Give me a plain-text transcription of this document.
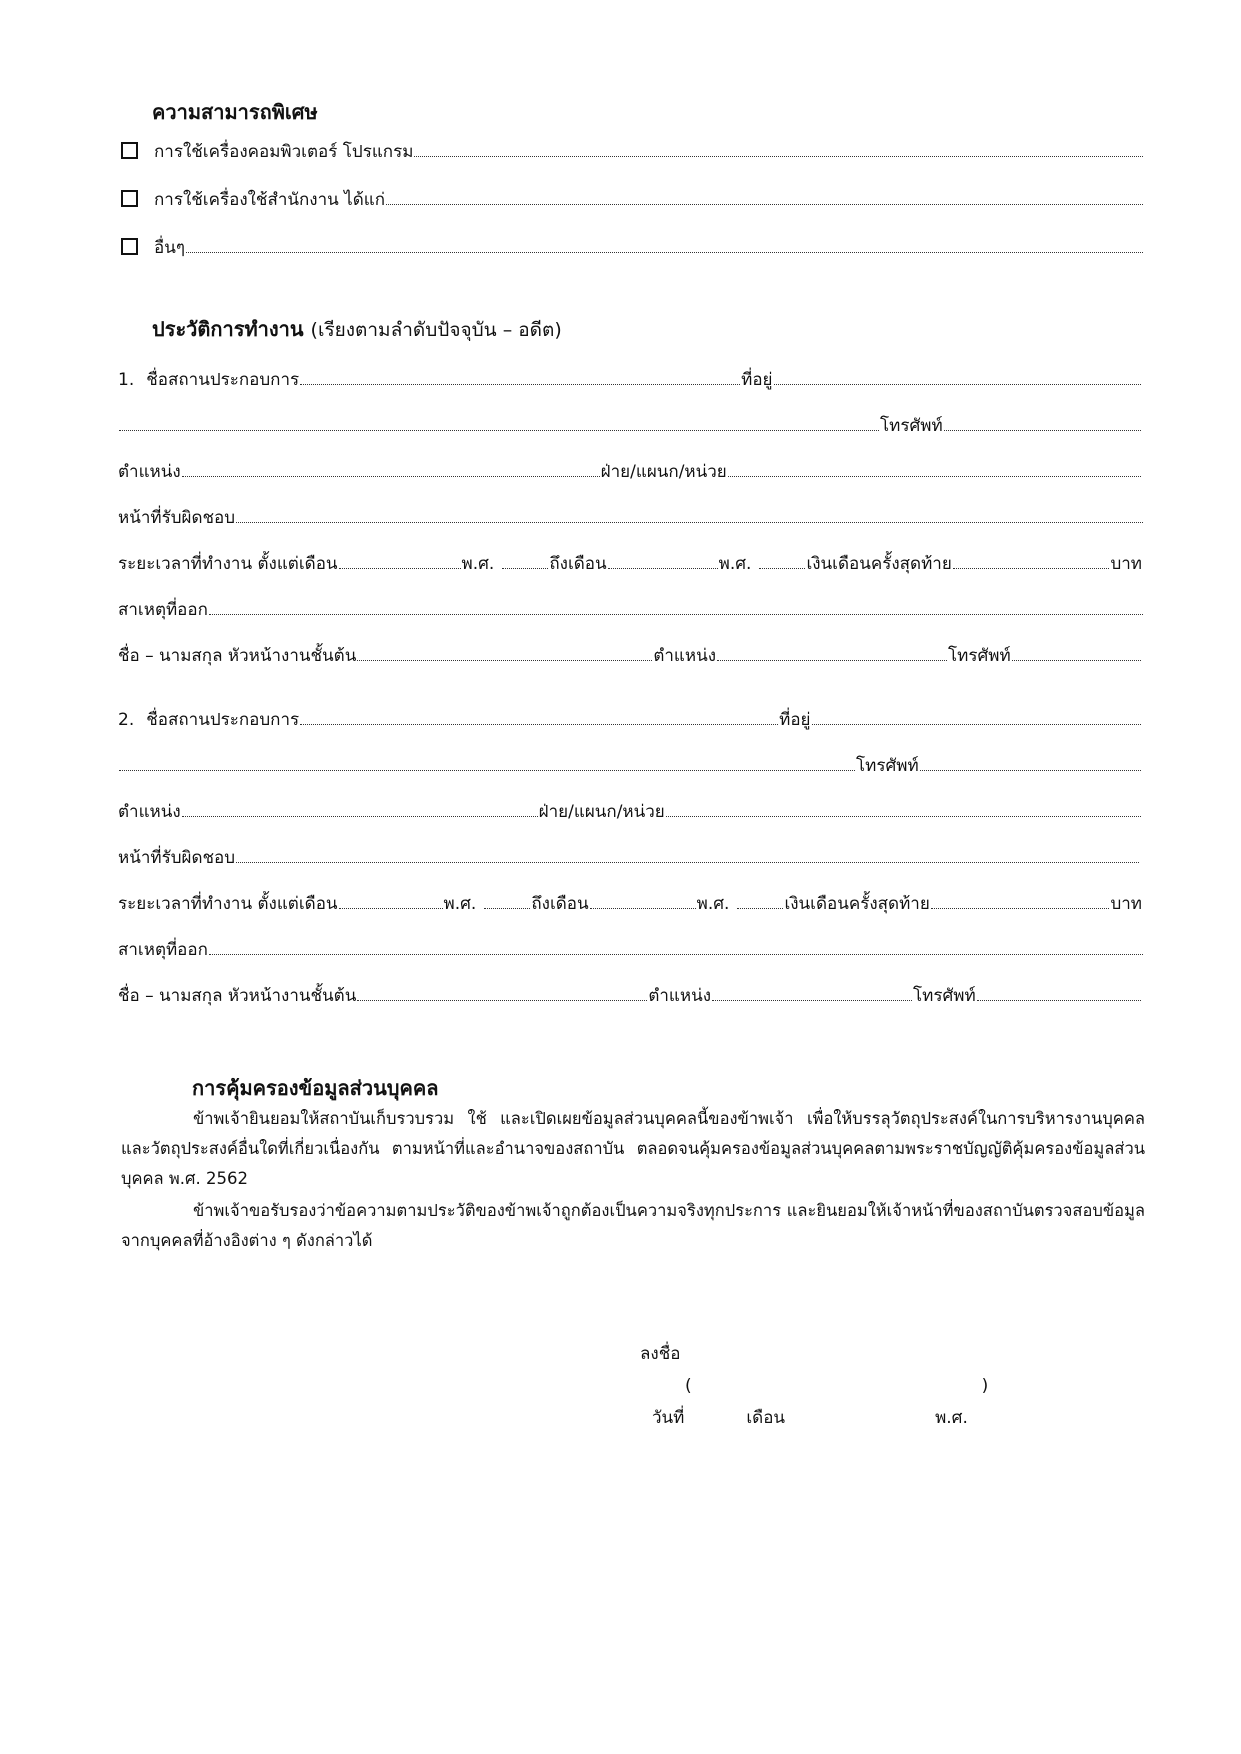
ความสามารถพิเศษ
การใช้เครื่องคอมพิวเตอร์ โปรแกรม
การใช้เครื่องใช้สำนักงาน ได้แก่
อื่นๆ
ประวัติการทำงาน (เรียงตามลำดับปัจจุบัน – อดีต)
1. ชื่อสถานประกอบการ	ที่อยู่
โทรศัพท์
ตำแหน่ง	ฝ่าย/แผนก/หน่วย
หน้าที่รับผิดชอบ
ระยะเวลาที่ทำงาน ตั้งแต่เดือน	พ.ศ.	ถึงเดือน	พ.ศ.	เงินเดือนครั้งสุดท้าย	บาท
สาเหตุที่ออก
ชื่อ – นามสกุล หัวหน้างานชั้นต้น	ตำแหน่ง	โทรศัพท์
2. ชื่อสถานประกอบการ	ที่อยู่
โทรศัพท์
ตำแหน่ง	ฝ่าย/แผนก/หน่วย
หน้าที่รับผิดชอบ
ระยะเวลาที่ทำงาน ตั้งแต่เดือน	พ.ศ.	ถึงเดือน	พ.ศ.	เงินเดือนครั้งสุดท้าย	บาท
สาเหตุที่ออก
ชื่อ – นามสกุล หัวหน้างานชั้นต้น	ตำแหน่ง	โทรศัพท์
การคุ้มครองข้อมูลส่วนบุคคล
ข้าพเจ้ายินยอมให้สถาบันเก็บรวบรวม ใช้ และเปิดเผยข้อมูลส่วนบุคคลนี้ของข้าพเจ้า เพื่อให้บรรลุวัตถุประสงค์ในการบริหารงานบุคคล และวัตถุประสงค์อื่นใดที่เกี่ยวเนื่องกัน ตามหน้าที่และอำนาจของสถาบัน ตลอดจนคุ้มครองข้อมูลส่วนบุคคลตามพระราชบัญญัติคุ้มครองข้อมูลส่วนบุคคล พ.ศ. 2562
ข้าพเจ้าขอรับรองว่าข้อความตามประวัติของข้าพเจ้าถูกต้องเป็นความจริงทุกประการ และยินยอมให้เจ้าหน้าที่ของสถาบันตรวจสอบข้อมูลจากบุคคลที่อ้างอิงต่าง ๆ ดังกล่าวได้
ลงชื่อ
(	)
วันที่	เดือน	พ.ศ.
